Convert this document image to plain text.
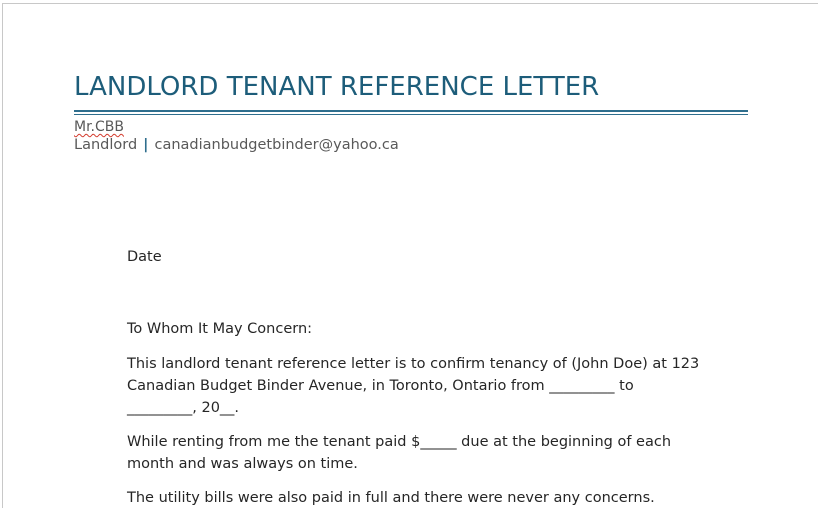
LANDLORD TENANT REFERENCE LETTER
Mr.CBB
Landlord | canadianbudgetbinder@yahoo.ca
Date
To Whom It May Concern:
This landlord tenant reference letter is to confirm tenancy of (John Doe) at 123
Canadian Budget Binder Avenue, in Toronto, Ontario from _________ to
_________, 20__.
While renting from me the tenant paid $_____ due at the beginning of each
month and was always on time.
The utility bills were also paid in full and there were never any concerns.
